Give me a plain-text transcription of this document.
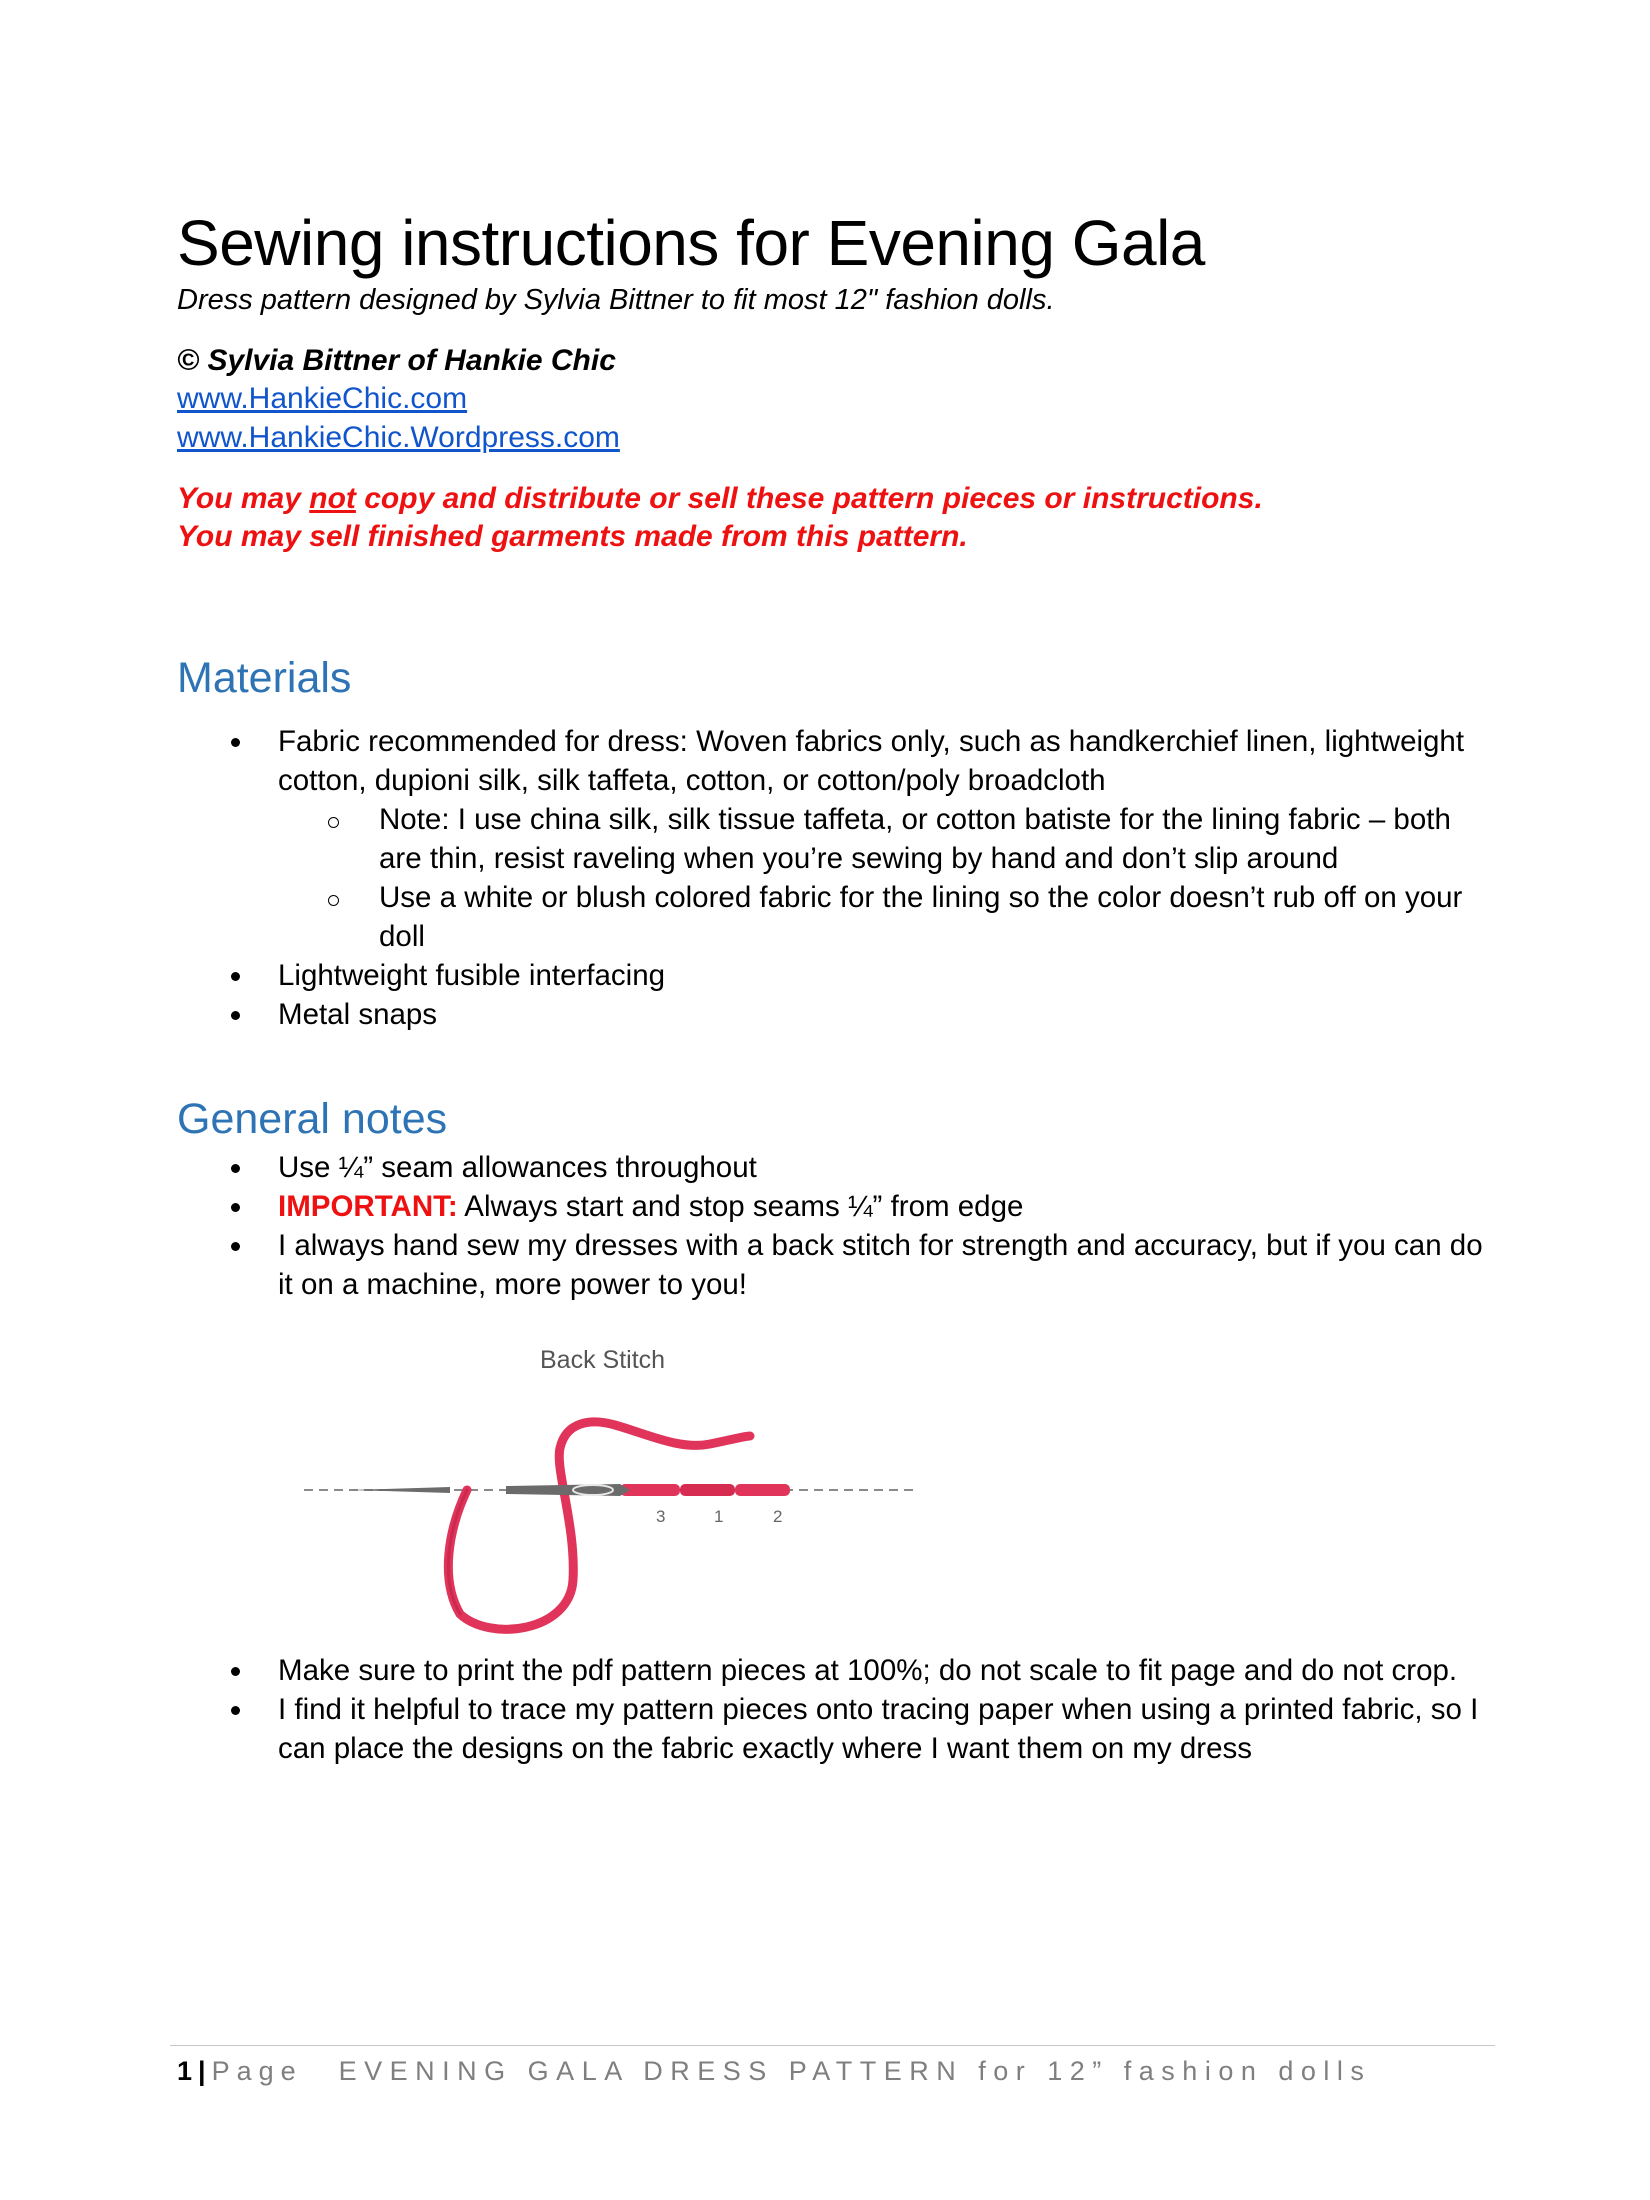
Sewing instructions for Evening Gala

Dress pattern designed by Sylvia Bittner to fit most 12" fashion dolls.

© Sylvia Bittner of Hankie Chic

www.HankieChic.com
www.HankieChic.Wordpress.com

You may not copy and distribute or sell these pattern pieces or instructions.

You may sell finished garments made from this pattern.

Materials
Fabric recommended for dress: Woven fabrics only, such as handkerchief linen, lightweight cotton, dupioni silk, silk taffeta, cotton, or cotton/poly broadcloth
Note: I use china silk, silk tissue taffeta, or cotton batiste for the lining fabric – both are thin, resist raveling when you’re sewing by hand and don’t slip around
Use a white or blush colored fabric for the lining so the color doesn’t rub off on your doll
Lightweight fusible interfacing
Metal snaps
General notes
Use ¼” seam allowances throughout
IMPORTANT: Always start and stop seams ¼” from edge
I always hand sew my dresses with a back stitch for strength and accuracy, but if you can do it on a machine, more power to you!
Back Stitch
3	1	2
Make sure to print the pdf pattern pieces at 100%; do not scale to fit page and do not crop.
I find it helpful to trace my pattern pieces onto tracing paper when using a printed fabric, so I can place the designs on the fabric exactly where I want them on my dress

1 | Page EVENING GALA DRESS PATTERN for 12” fashion dolls
